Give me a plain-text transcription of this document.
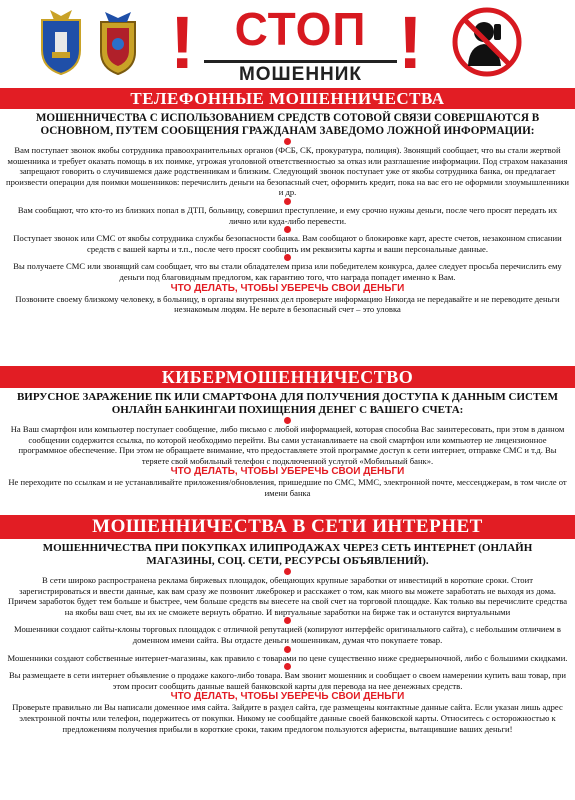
! СТОП
МОШЕННИК !
ТЕЛЕФОННЫЕ МОШЕННИЧЕСТВА

МОШЕННИЧЕСТВА С ИСПОЛЬЗОВАНИЕМ СРЕДСТВ СОТОВОЙ СВЯЗИ СОВЕРШАЮТСЯ В ОСНОВНОМ, ПУТЕМ СООБЩЕНИЯ ГРАЖДАНАМ ЗАВЕДОМО ЛОЖНОЙ ИНФОРМАЦИИ:

Вам поступает звонок якобы сотрудника правоохранительных органов (ФСБ, СК, прокуратура, полиция). Звонящий сообщает, что вы стали жертвой мошенника и требует оказать помощь в их поимке, угрожая уголовной ответственностью за отказ или разглашение информации. Под страхом наказания запрещают говорить о случившемся даже родственникам и близким. Следующий звонок поступает уже от якобы сотрудника банка, он предлагает произвести операции для поимки мошенников: перечислить деньги на безопасный счет, оформить кредит, пока на вас его не оформили злоумышленники и др.

Вам сообщают, что кто-то из близких попал в ДТП, больницу, совершил преступление, и ему срочно нужны деньги, после чего просят передать их лично или куда-либо перевести.

Поступает звонок или СМС от якобы сотрудника службы безопасности банка. Вам сообщают о блокировке карт, аресте счетов, незаконном списании средств с вашей карты и т.п., после чего просят сообщить им реквизиты карты и ваши персональные данные.

Вы получаете СМС или звонящий сам сообщает, что вы стали обладателем приза или победителем конкурса, далее следует просьба перечислить ему деньги под благовидным предлогом, как гарантию того, что награда попадет именно к Вам.

ЧТО ДЕЛАТЬ, ЧТОБЫ УБЕРЕЧЬ СВОИ ДЕНЬГИ

Позвоните своему близкому человеку, в больницу, в органы внутренних дел проверьте информацию Никогда не передавайте и не переводите деньги незнакомым людям. Не верьте в безопасный счет – это уловка

КИБЕРМОШЕННИЧЕСТВО

ВИРУСНОЕ ЗАРАЖЕНИЕ ПК ИЛИ СМАРТФОНА ДЛЯ ПОЛУЧЕНИЯ ДОСТУПА К ДАННЫМ СИСТЕМ ОНЛАЙН БАНКИНГАИ ПОХИЩЕНИЯ ДЕНЕГ С ВАШЕГО СЧЕТА:

На Ваш смартфон или компьютер поступает сообщение, либо письмо с любой информацией, которая способна Вас заинтересовать, при этом в данном сообщении содержится ссылка, по которой необходимо перейти. Вы сами устанавливаете на свой смартфон или компьютер не лицензионное программное обеспечение. При этом не обращаете внимание, что предоставляете этой программе доступ к сети интернет, отправке СМС и т.д. Вы теряете свой мобильный телефон с подключенной услугой «Мобильный банк».

ЧТО ДЕЛАТЬ, ЧТОБЫ УБЕРЕЧЬ СВОИ ДЕНЬГИ

Не переходите по ссылкам и не устанавливайте приложения/обновления, пришедшие по СМС, ММС, электронной почте, мессенджерам, в том числе от имени банка

МОШЕННИЧЕСТВА В СЕТИ ИНТЕРНЕТ

МОШЕННИЧЕСТВА ПРИ ПОКУПКАХ ИЛИПРОДАЖАХ ЧЕРЕЗ СЕТЬ ИНТЕРНЕТ (ОНЛАЙН МАГАЗИНЫ, СОЦ. СЕТИ, РЕСУРСЫ ОБЪЯВЛЕНИЙ).

В сети широко распространена реклама биржевых площадок, обещающих крупные заработки от инвестиций в короткие сроки. Стоит зарегистрироваться и ввести данные, как вам сразу же позвонит лжеброкер и расскажет о том, как много вы можете заработать не выходя из дома. Причем заработок будет тем больше и быстрее, чем больше средств вы внесете на свой счет на торговой площадке. Как только вы перечислите средства на якобы ваш счет, вы их не сможете вернуть обратно. И виртуальные заработки на бирже так и останутся виртуальными

Мошенники создают сайты-клоны торговых площадок с отличной репутацией (копируют интерфейс оригинального сайта), с небольшим отличием в доменном имени сайта. Вы отдасте деньги мошенникам, думая что покупаете товар.

Мошенники создают собственные интернет-магазины, как правило с товарами по цене существенно ниже среднерыночной, либо с большими скидками.

Вы размещаете в сети интернет объявление о продаже какого-либо товара. Вам звонит мошенник и сообщает о своем намерении купить ваш товар, при этом просит сообщить данные вашей банковской карты для перевода на нее денежных средств.

ЧТО ДЕЛАТЬ, ЧТОБЫ УБЕРЕЧЬ СВОИ ДЕНЬГИ

Проверьте правильно ли Вы написали доменное имя сайта. Зайдите в раздел сайта, где размещены контактные данные сайта. Если указан лишь адрес электронной почты или телефон, подержитесь от покупки. Никому не сообщайте данные своей банковской карты. Относитесь с осторожностью к предложениям получения прибыли в короткие сроки, таким предлогом пользуются аферисты, вытащившие ваших деньги!
